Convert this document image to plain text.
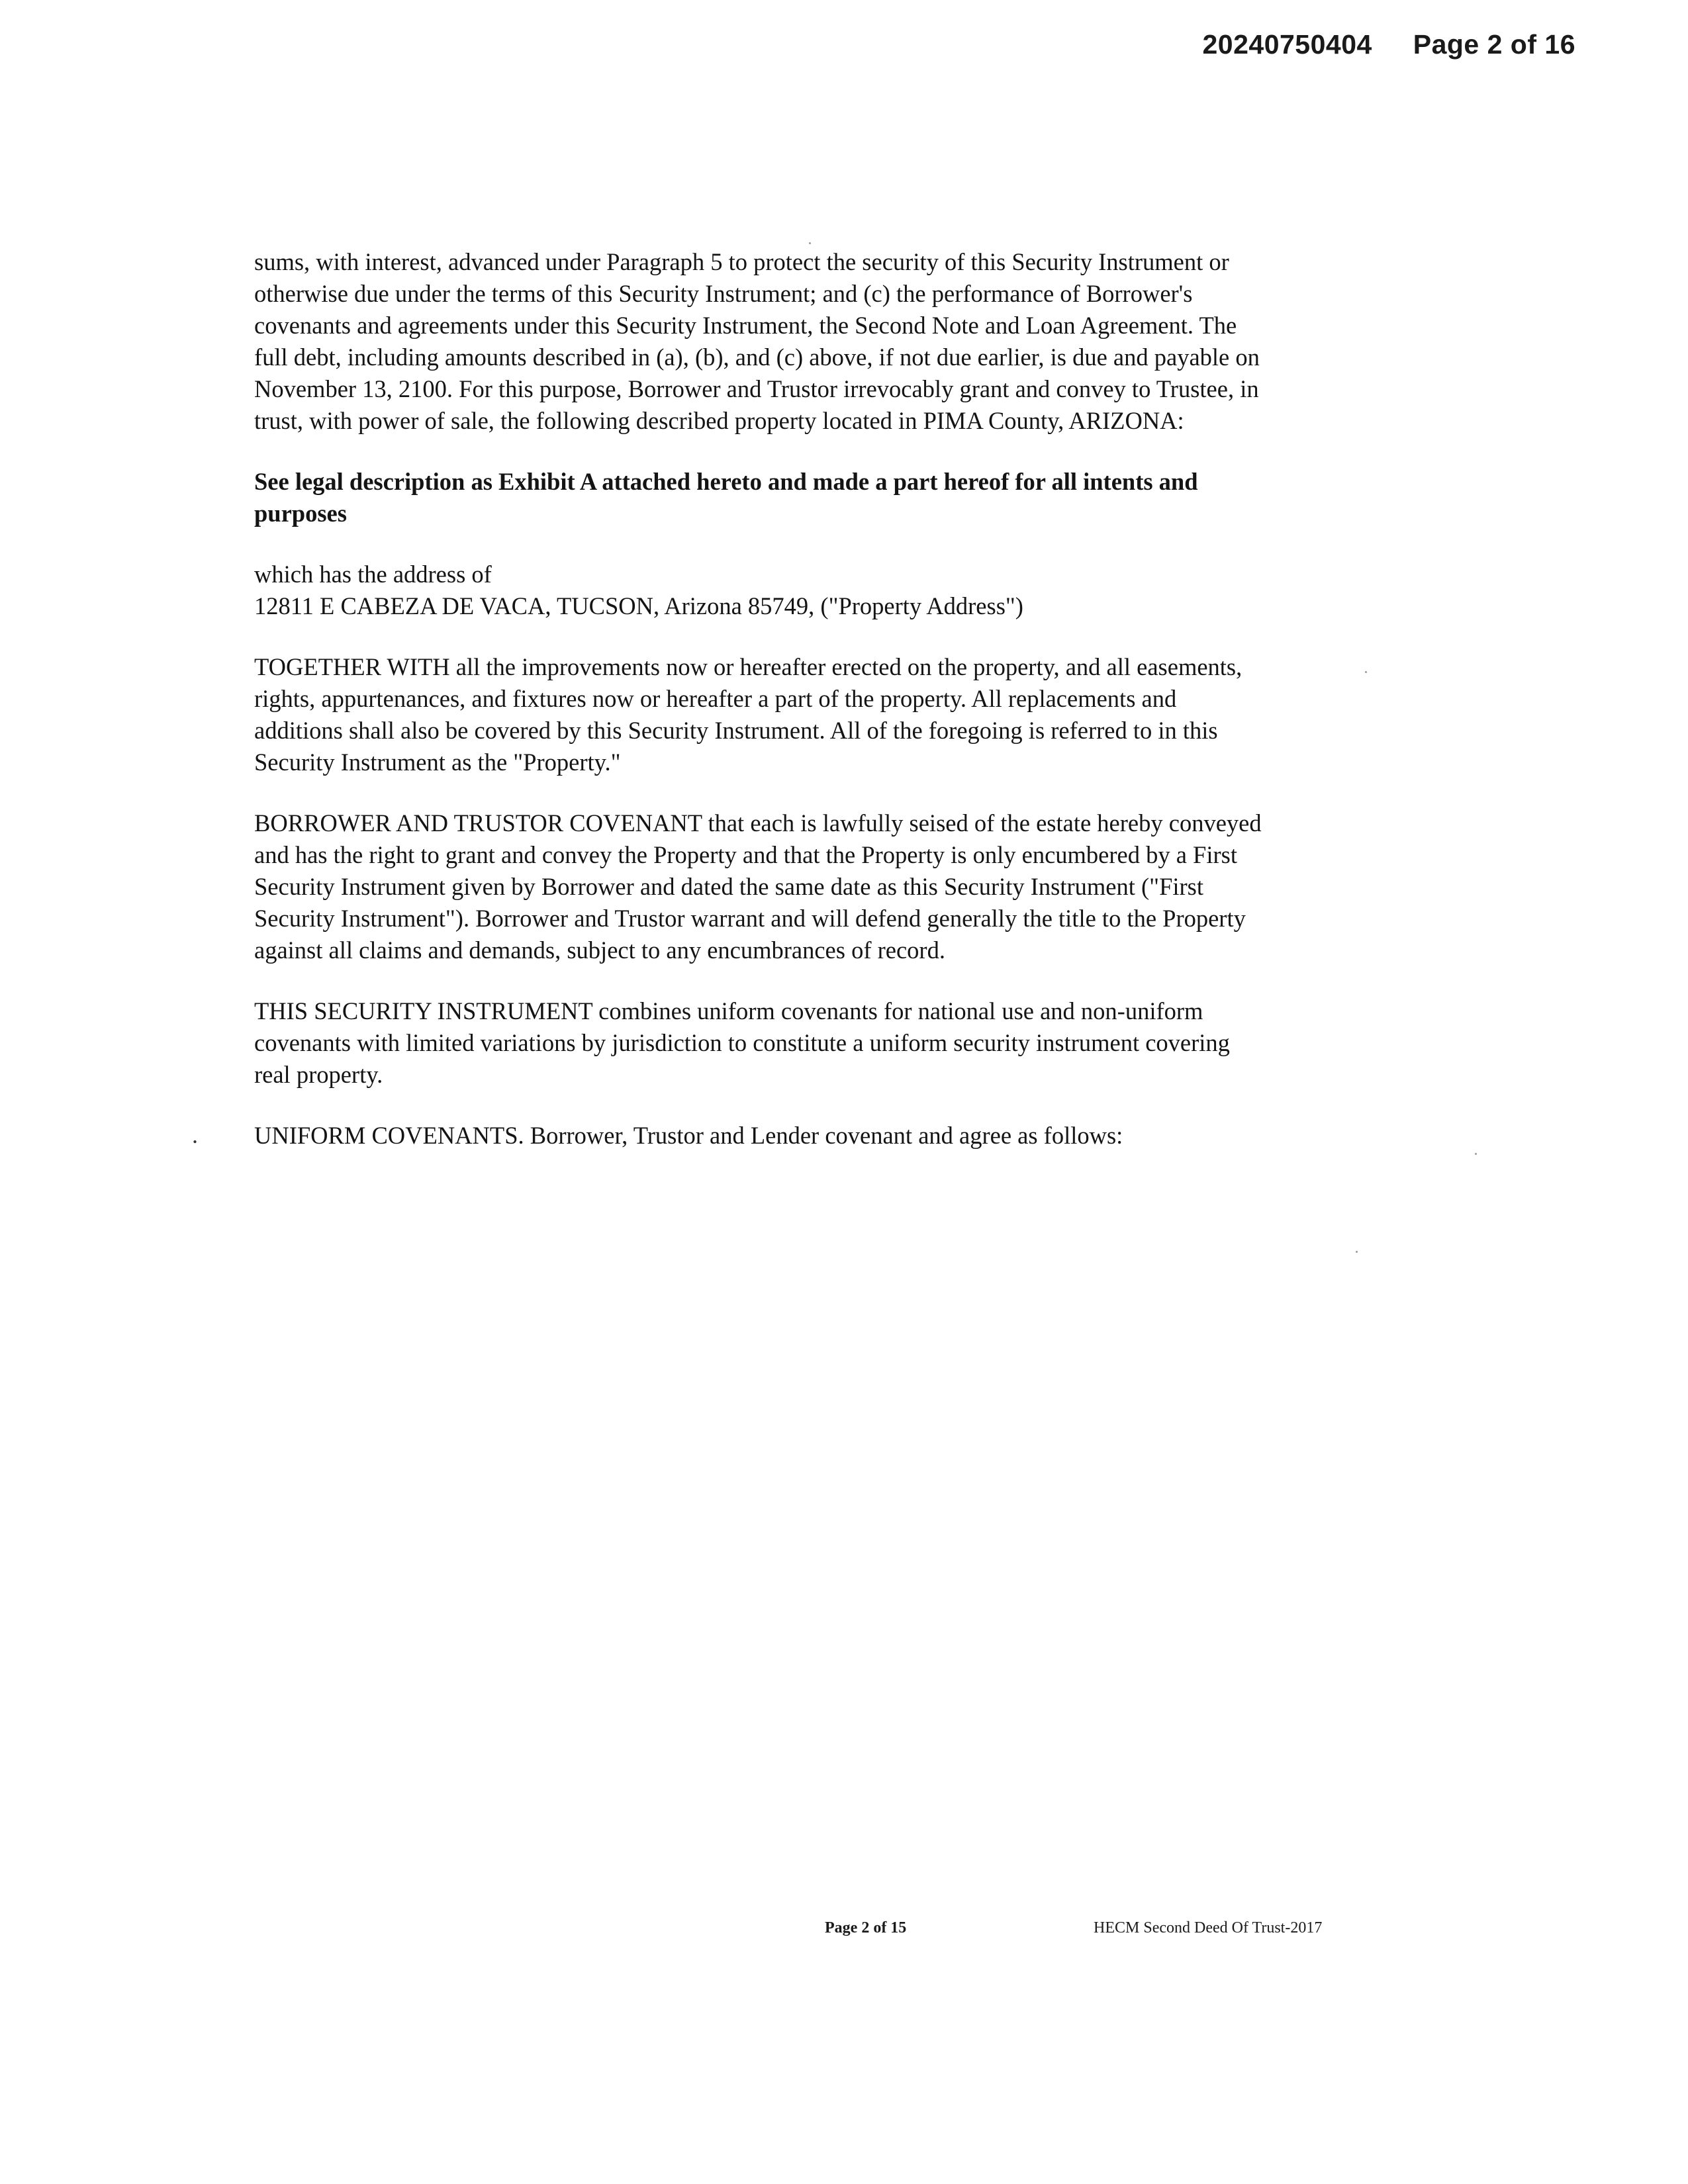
20240750404 Page 2 of 16

sums, with interest, advanced under Paragraph 5 to protect the security of this Security Instrument or
otherwise due under the terms of this Security Instrument; and (c) the performance of Borrower's
covenants and agreements under this Security Instrument, the Second Note and Loan Agreement. The
full debt, including amounts described in (a), (b), and (c) above, if not due earlier, is due and payable on
November 13, 2100. For this purpose, Borrower and Trustor irrevocably grant and convey to Trustee, in
trust, with power of sale, the following described property located in PIMA County, ARIZONA:

See legal description as Exhibit A attached hereto and made a part hereof for all intents and
purposes

which has the address of
12811 E CABEZA DE VACA, TUCSON, Arizona 85749, ("Property Address")

TOGETHER WITH all the improvements now or hereafter erected on the property, and all easements,
rights, appurtenances, and fixtures now or hereafter a part of the property. All replacements and
additions shall also be covered by this Security Instrument. All of the foregoing is referred to in this
Security Instrument as the "Property."

BORROWER AND TRUSTOR COVENANT that each is lawfully seised of the estate hereby conveyed
and has the right to grant and convey the Property and that the Property is only encumbered by a First
Security Instrument given by Borrower and dated the same date as this Security Instrument ("First
Security Instrument"). Borrower and Trustor warrant and will defend generally the title to the Property
against all claims and demands, subject to any encumbrances of record.

THIS SECURITY INSTRUMENT combines uniform covenants for national use and non-uniform
covenants with limited variations by jurisdiction to constitute a uniform security instrument covering
real property.

UNIFORM COVENANTS. Borrower, Trustor and Lender covenant and agree as follows:

.
Page 2 of 15	HECM Second Deed Of Trust-2017
